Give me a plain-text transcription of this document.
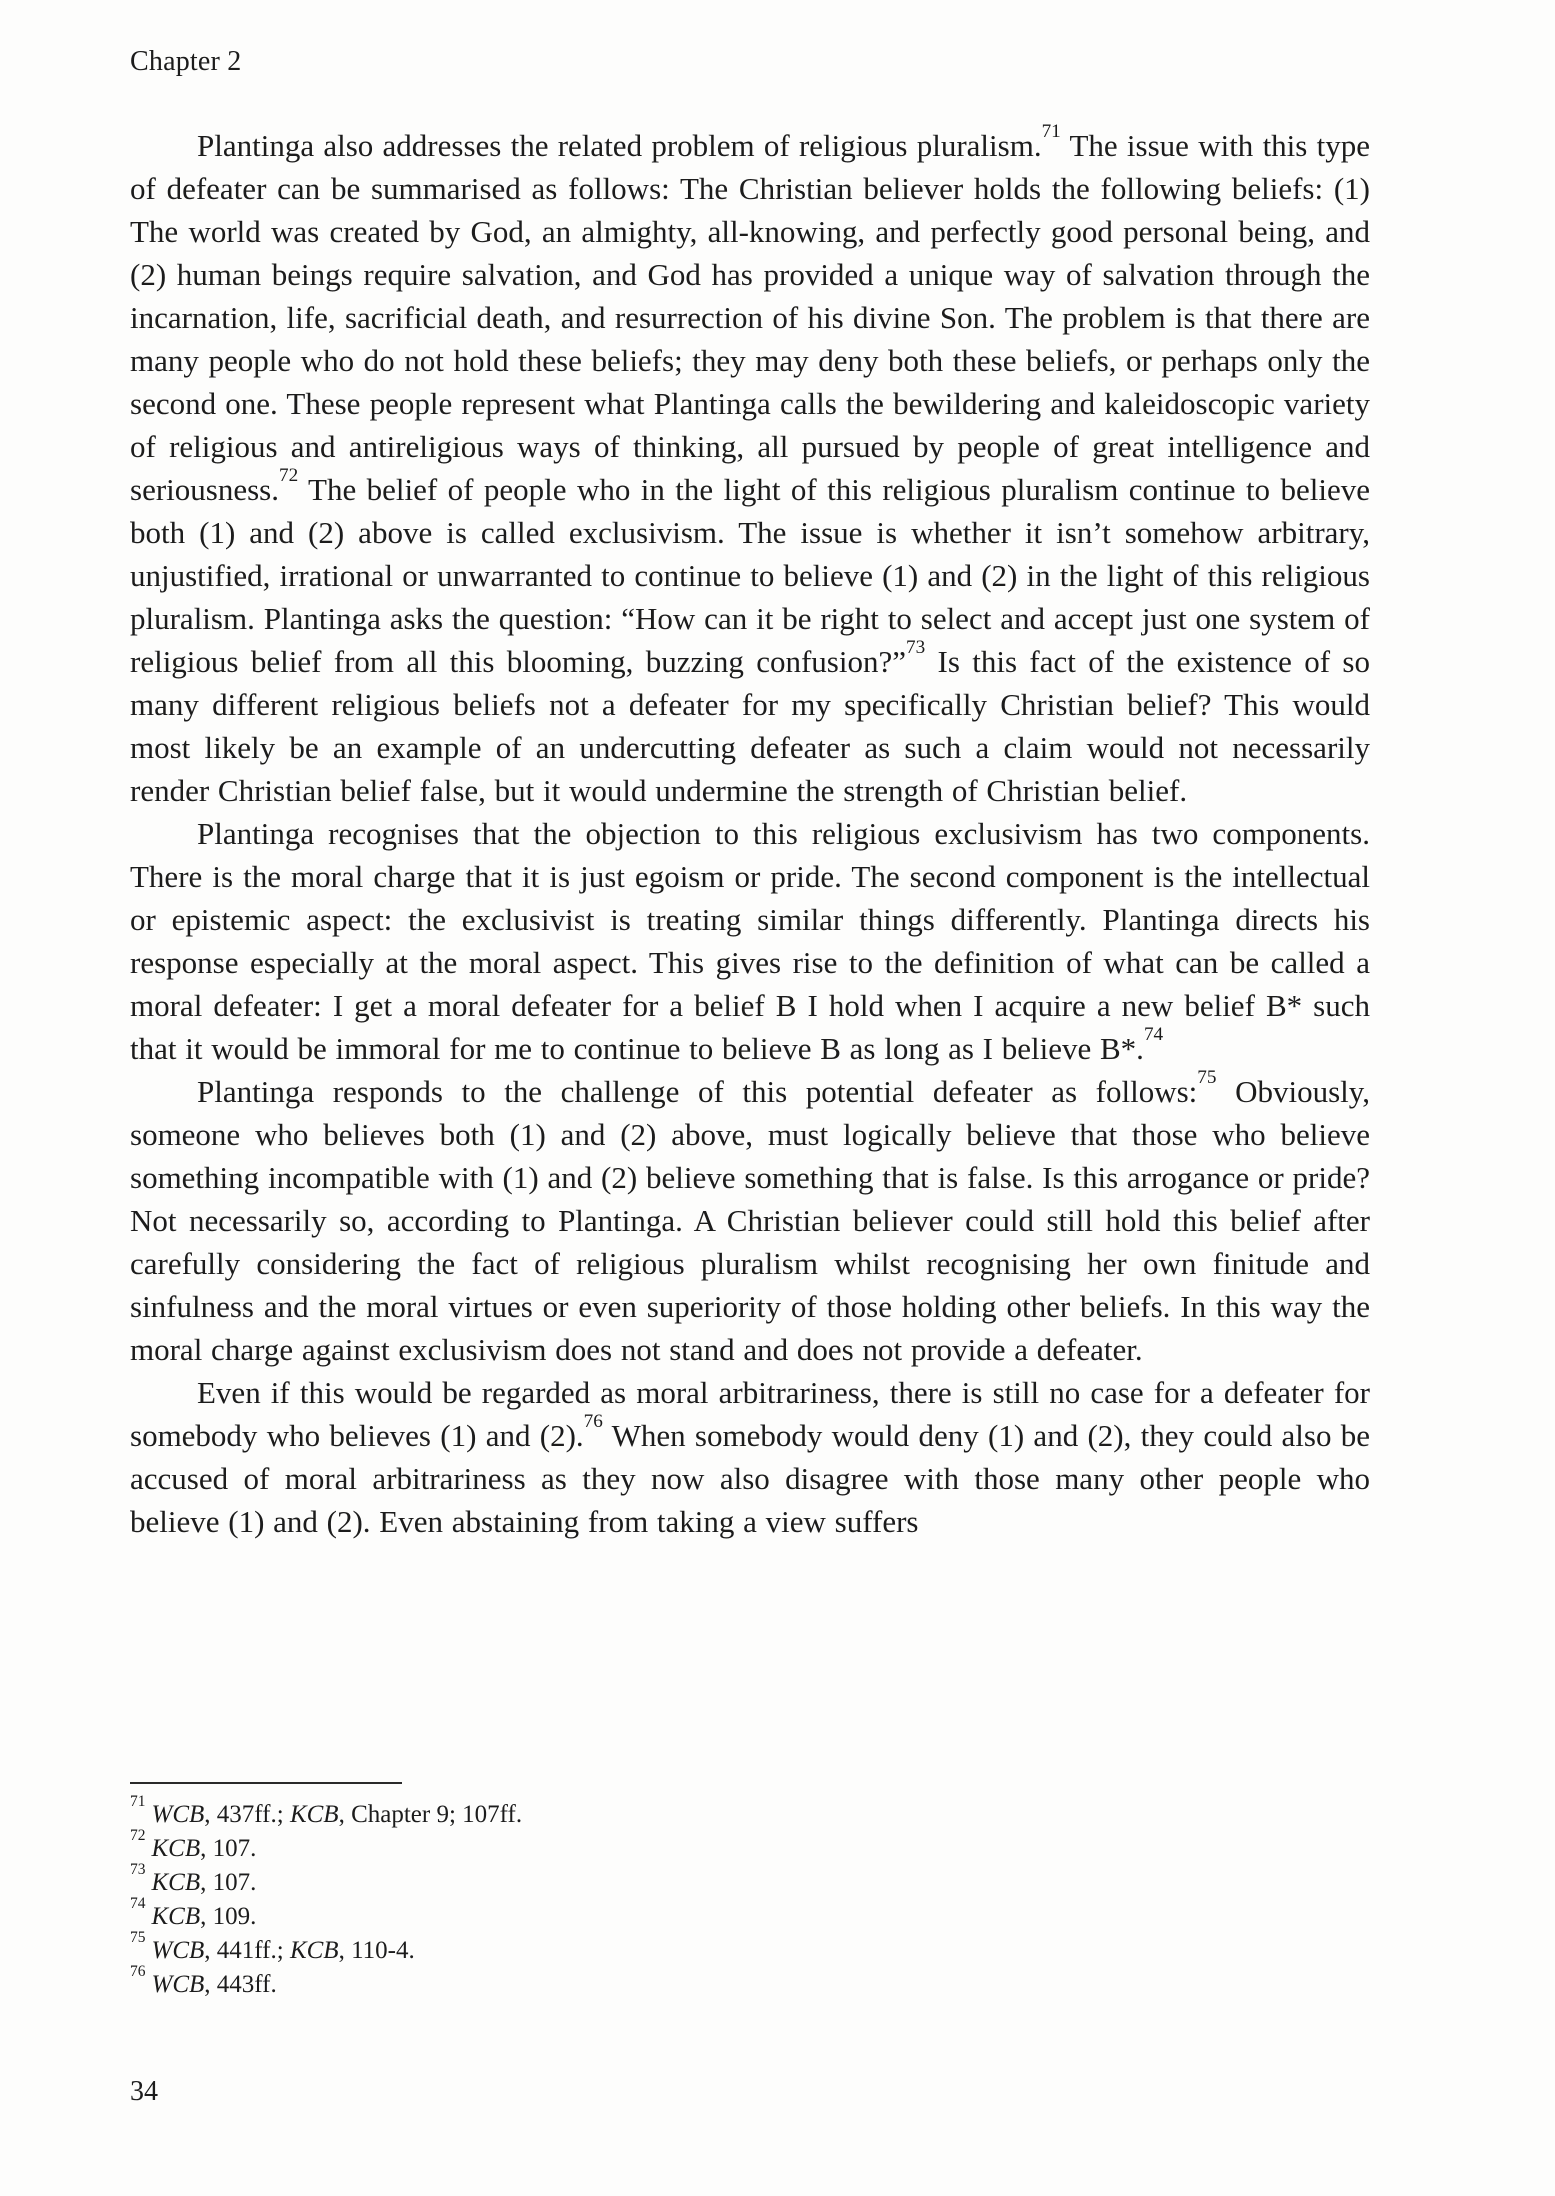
Chapter 2

Plantinga also addresses the related problem of religious pluralism.$^{71}$ The issue with this type of defeater can be summarised as follows: The Christian believer holds the following beliefs: (1) The world was created by God, an almighty, all-knowing, and perfectly good personal being, and (2) human beings require salvation, and God has provided a unique way of salvation through the incarnation, life, sacrificial death, and resurrection of his divine Son. The problem is that there are many people who do not hold these beliefs; they may deny both these beliefs, or perhaps only the second one. These people represent what Plantinga calls the bewildering and kaleidoscopic variety of religious and antireligious ways of thinking, all pursued by people of great intelligence and seriousness.$^{72}$ The belief of people who in the light of this religious pluralism continue to believe both (1) and (2) above is called exclusivism. The issue is whether it isn’t somehow arbitrary, unjustified, irrational or unwarranted to continue to believe (1) and (2) in the light of this religious pluralism. Plantinga asks the question: “How can it be right to select and accept just one system of religious belief from all this blooming, buzzing confusion?”$^{73}$ Is this fact of the existence of so many different religious beliefs not a defeater for my specifically Christian belief? This would most likely be an example of an undercutting defeater as such a claim would not necessarily render Christian belief false, but it would undermine the strength of Christian belief.

Plantinga recognises that the objection to this religious exclusivism has two components. There is the moral charge that it is just egoism or pride. The second component is the intellectual or epistemic aspect: the exclusivist is treating similar things differently. Plantinga directs his response especially at the moral aspect. This gives rise to the definition of what can be called a moral defeater: I get a moral defeater for a belief B I hold when I acquire a new belief B* such that it would be immoral for me to continue to believe B as long as I believe B*.$^{74}$

Plantinga responds to the challenge of this potential defeater as follows:$^{75}$ Obviously, someone who believes both (1) and (2) above, must logically believe that those who believe something incompatible with (1) and (2) believe something that is false. Is this arrogance or pride? Not necessarily so, according to Plantinga. A Christian believer could still hold this belief after carefully considering the fact of religious pluralism whilst recognising her own finitude and sinfulness and the moral virtues or even superiority of those holding other beliefs. In this way the moral charge against exclusivism does not stand and does not provide a defeater.

Even if this would be regarded as moral arbitrariness, there is still no case for a defeater for somebody who believes (1) and (2).$^{76}$ When somebody would deny (1) and (2), they could also be accused of moral arbitrariness as they now also disagree with those many other people who believe (1) and (2). Even abstaining from taking a view suffers

$^{71}$ WCB, 437ff.; KCB, Chapter 9; 107ff.
$^{72}$ KCB, 107.
$^{73}$ KCB, 107.
$^{74}$ KCB, 109.
$^{75}$ WCB, 441ff.; KCB, 110-4.
$^{76}$ WCB, 443ff.
34
